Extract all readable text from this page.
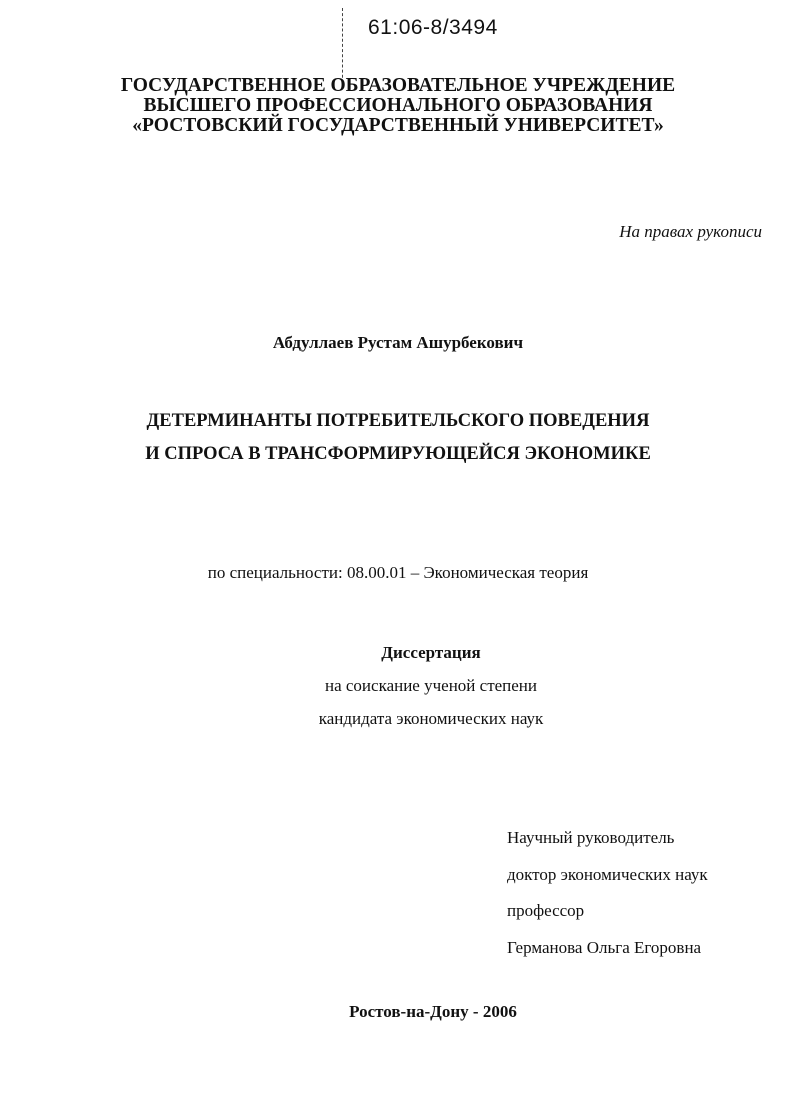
61:06-8/3494
ГОСУДАРСТВЕННОЕ ОБРАЗОВАТЕЛЬНОЕ УЧРЕЖДЕНИЕ
ВЫСШЕГО ПРОФЕССИОНАЛЬНОГО ОБРАЗОВАНИЯ
«РОСТОВСКИЙ ГОСУДАРСТВЕННЫЙ УНИВЕРСИТЕТ»
На правах рукописи
Абдуллаев Рустам Ашурбекович
ДЕТЕРМИНАНТЫ ПОТРЕБИТЕЛЬСКОГО ПОВЕДЕНИЯ
И СПРОСА В ТРАНСФОРМИРУЮЩЕЙСЯ ЭКОНОМИКЕ
по специальности: 08.00.01 – Экономическая теория
Диссертация
на соискание ученой степени
кандидата экономических наук
Научный руководитель
доктор экономических наук
профессор
Германова Ольга Егоровна
Ростов-на-Дону - 2006
